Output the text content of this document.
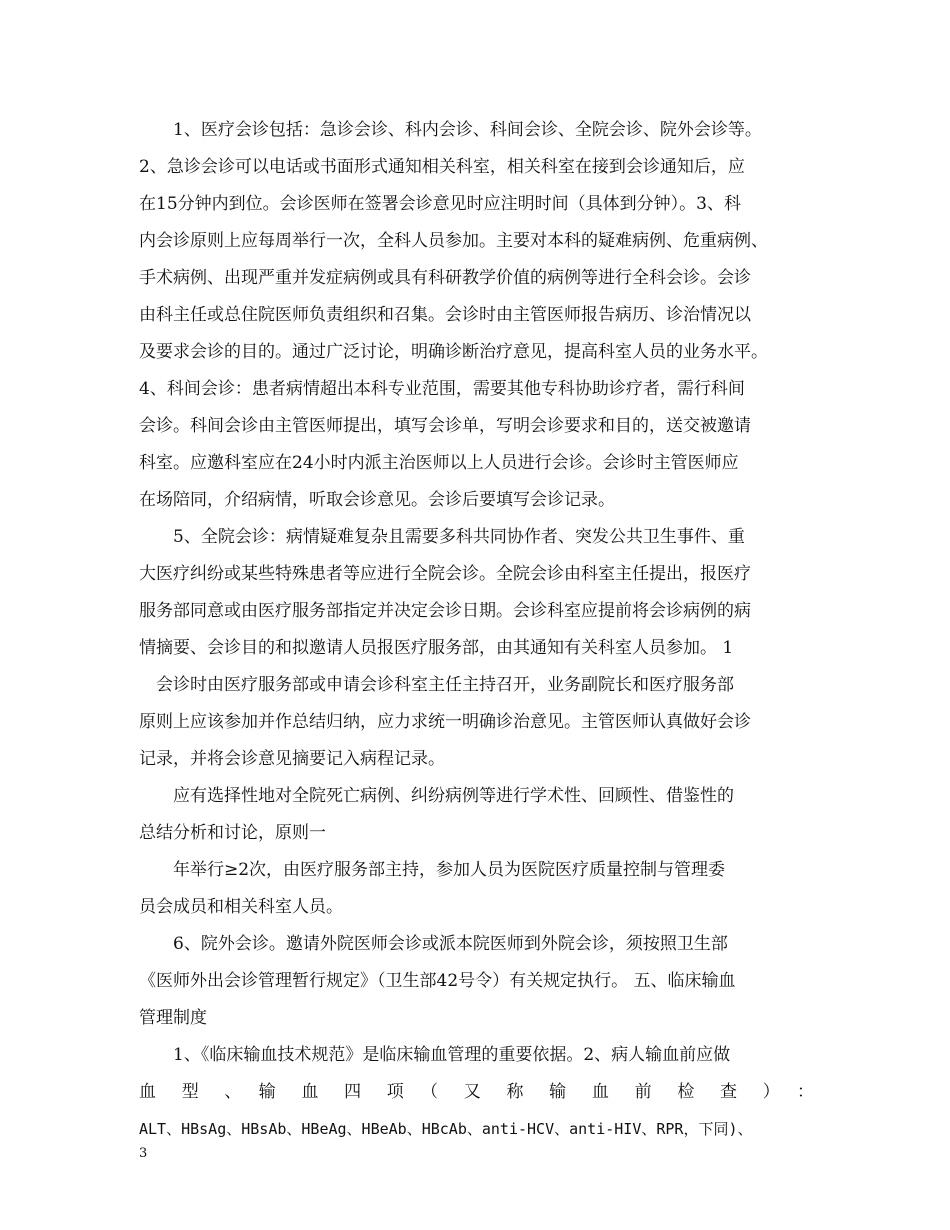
　　1、医疗会诊包括：急诊会诊、科内会诊、科间会诊、全院会诊、院外会诊等。
2、急诊会诊可以电话或书面形式通知相关科室，相关科室在接到会诊通知后，应
在15分钟内到位。会诊医师在签署会诊意见时应注明时间（具体到分钟）。3、科
内会诊原则上应每周举行一次，全科人员参加。主要对本科的疑难病例、危重病例、
手术病例、出现严重并发症病例或具有科研教学价值的病例等进行全科会诊。会诊
由科主任或总住院医师负责组织和召集。会诊时由主管医师报告病历、诊治情况以
及要求会诊的目的。通过广泛讨论，明确诊断治疗意见，提高科室人员的业务水平。
4、科间会诊：患者病情超出本科专业范围，需要其他专科协助诊疗者，需行科间
会诊。科间会诊由主管医师提出，填写会诊单，写明会诊要求和目的，送交被邀请
科室。应邀科室应在24小时内派主治医师以上人员进行会诊。会诊时主管医师应
在场陪同，介绍病情，听取会诊意见。会诊后要填写会诊记录。
　　5、全院会诊：病情疑难复杂且需要多科共同协作者、突发公共卫生事件、重
大医疗纠纷或某些特殊患者等应进行全院会诊。全院会诊由科室主任提出，报医疗
服务部同意或由医疗服务部指定并决定会诊日期。会诊科室应提前将会诊病例的病
情摘要、会诊目的和拟邀请人员报医疗服务部，由其通知有关科室人员参加。 1
　会诊时由医疗服务部或申请会诊科室主任主持召开，业务副院长和医疗服务部
原则上应该参加并作总结归纳，应力求统一明确诊治意见。主管医师认真做好会诊
记录，并将会诊意见摘要记入病程记录。
　　应有选择性地对全院死亡病例、纠纷病例等进行学术性、回顾性、借鉴性的
总结分析和讨论，原则一
　　年举行≥2次，由医疗服务部主持，参加人员为医院医疗质量控制与管理委
员会成员和相关科室人员。
　　6、院外会诊。邀请外院医师会诊或派本院医师到外院会诊，须按照卫生部
《医师外出会诊管理暂行规定》（卫生部42号令）有关规定执行。 五、临床输血
管理制度
　　1、《临床输血技术规范》是临床输血管理的重要依据。2、病人输血前应做
血　型　、　输　血　四　项　（　又　称　输　血　前　检　查　）　：
ALT、HBsAg、HBsAb、HBeAg、HBeAb、HBcAb、anti-HCV、anti-HIV、RPR，下同)、
3
